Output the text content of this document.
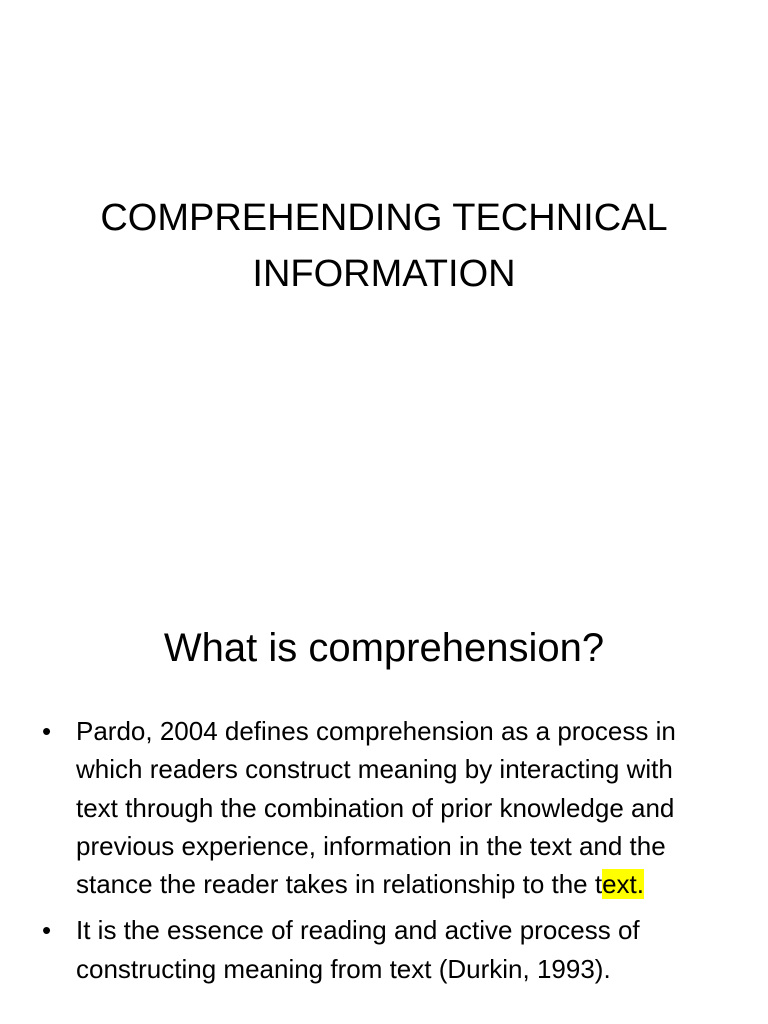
COMPREHENDING TECHNICAL INFORMATION
What is comprehension?
• Pardo, 2004 defines comprehension as a process in which readers construct meaning by interacting with text through the combination of prior knowledge and previous experience, information in the text and the stance the reader takes in relationship to the text.
• It is the essence of reading and active process of constructing meaning from text (Durkin, 1993).
